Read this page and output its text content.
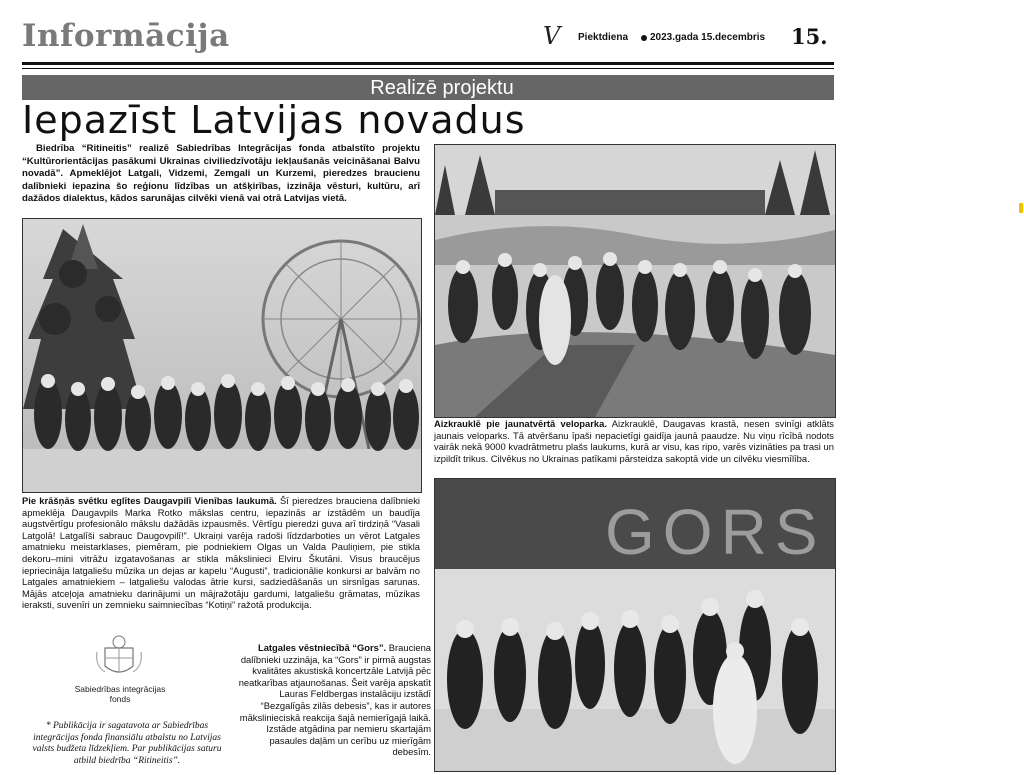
Informācija	V Piektdiena 2023.gada 15.decembris 15.
Realizē projektu
Iepazīst Latvijas novadus
Biedrība “Ritineitis” realizē Sabiedrības Integrācijas fonda atbalstīto projektu “Kultūrorientācijas pasākumi Ukrainas civiliedzīvotāju iekļaušanās veicināšanai Balvu novadā”. Apmeklējot Latgali, Vidzemi, Zemgali un Kurzemi, pieredzes braucienu dalībnieki iepazina šo reģionu līdzības un atšķirības, izzināja vēsturi, kultūru, arī dažādos dialektus, kādos sarunājas cilvēki vienā vai otrā Latvijas vietā.
Aizkrauklē pie jaunatvērtā veloparka. Aizkrauklē, Daugavas krastā, nesen svinīgi atklāts jaunais veloparks. Tā atvēršanu īpaši nepacietīgi gaidīja jaunā paaudze. Nu viņu rīcībā nodots vairāk nekā 9000 kvadrātmetru plašs laukums, kurā ar visu, kas ripo, varēs vizināties pa trasi un izpildīt trikus. Cilvēkus no Ukrainas patīkami pārsteidza sakoptā vide un cilvēku viesmīlība.
GORS
Pie krāšņās svētku eglītes Daugavpilī Vienības laukumā. Šī pieredzes brauciena dalībnieki apmeklēja Daugavpils Marka Rotko mākslas centru, iepazinās ar izstādēm un baudīja augstvērtīgu profesionālo mākslu dažādās izpausmēs. Vērtīgu pieredzi guva arī tirdziņā “Vasali Latgolā! Latgalīši sabrauc Daugovpilī!”. Ukraiņi varēja radoši līdzdarboties un vērot Latgales amatnieku meistarklases, piemēram, pie podniekiem Olgas un Valda Pauliņiem, pie stikla dekoru–mini vitrāžu izgatavošanas ar stikla mākslinieci Elviru Škutāni. Visus braucējus iepriecināja latgaliešu mūzika un dejas ar kapelu “Augusti”, tradicionālie konkursi ar balvām no Latgales amatniekiem – latgaliešu valodas ātrie kursi, sadziedāšanās un sirsnīgas sarunas. Mājās atceļoja amatnieku darinājumi un mājražotāju gardumi, latgaliešu grāmatas, mūzikas ieraksti, suvenīri un zemnieku saimniecības “Kotiņi” ražotā produkcija.
Latgales vēstniecībā “Gors”. Brauciena dalībnieki uzzināja, ka “Gors” ir pirmā augstas kvalitātes akustiskā koncertzāle Latvijā pēc neatkarības atjaunošanas. Šeit varēja apskatīt Lauras Feldbergas instalāciju izstādī “Bezgalīgās zilās debesis”, kas ir autores mākslinieciskā reakcija šajā nemierīgajā laikā. Izstāde atgādina par nemieru skartajām pasaules daļām un cerību uz mierīgām debesīm.
Sabiedrības integrācijas
fonds
* Publikācija ir sagatavota ar Sabiedrības integrācijas fonda finansiālu atbalstu no Latvijas valsts budžeta līdzekļiem. Par publikācijas saturu atbild biedrība “Ritineitis”.
